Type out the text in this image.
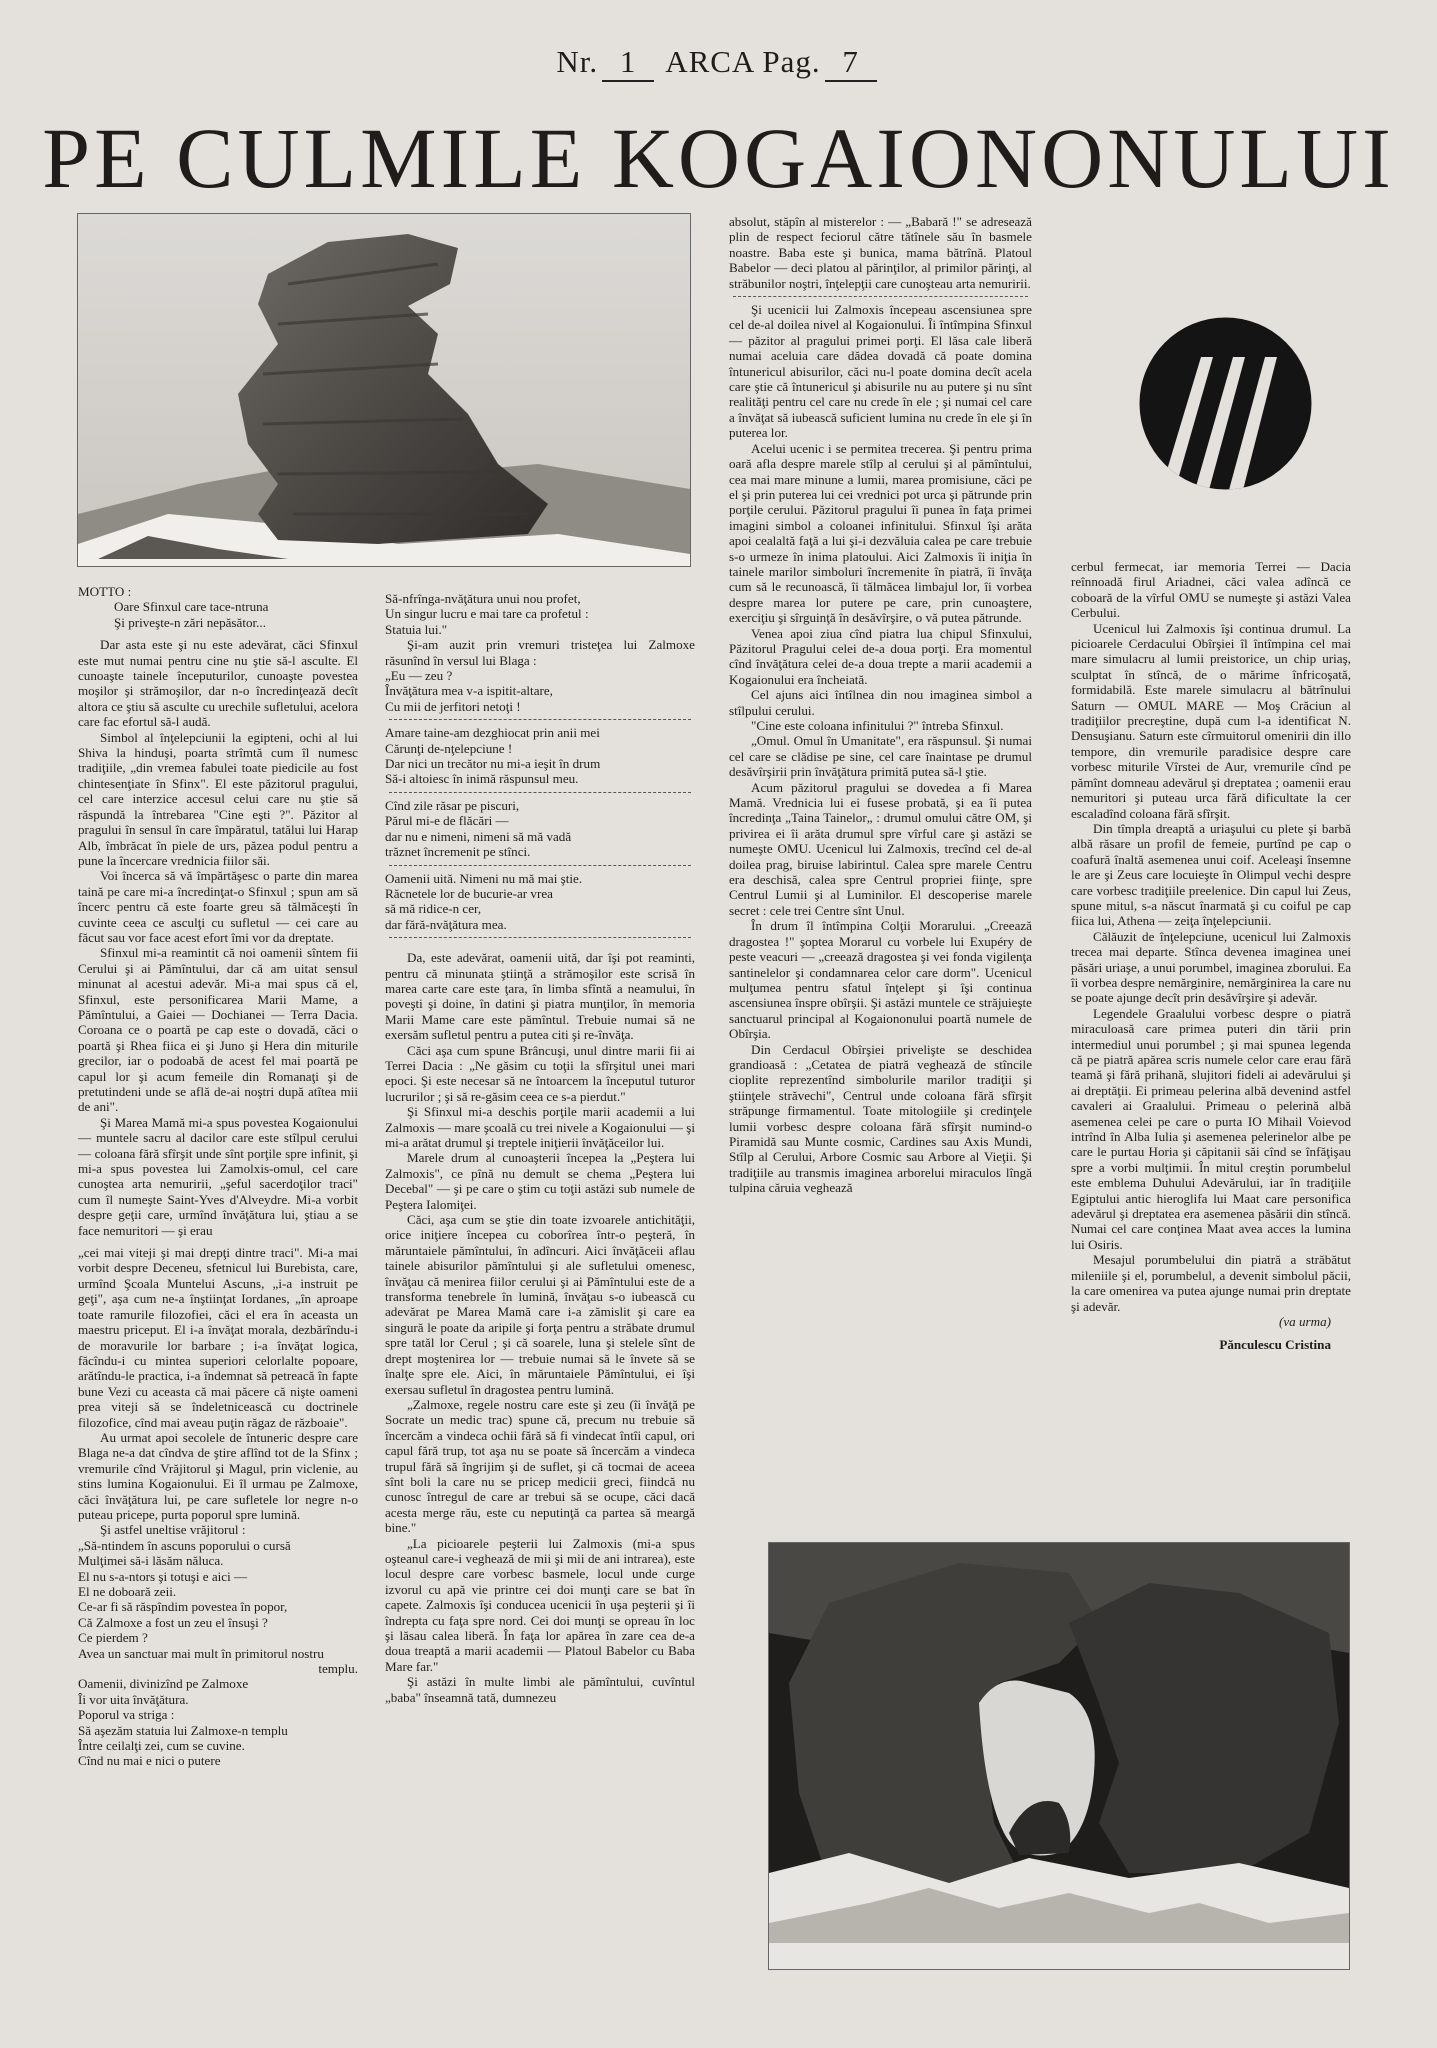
Nr. 1 ARCA Pag. 7
PE CULMILE KOGAIONONULUI

MOTTO :

Oare Sfinxul care tace-ntruna
Şi priveşte-n zări nepăsător...

Dar asta este şi nu este adevărat, căci Sfinxul este mut numai pentru cine nu ştie să-l asculte. El cunoaşte tainele începuturilor, cunoaşte povestea moşilor şi strămoşilor, dar n-o încredinţează decît altora ce ştiu să asculte cu urechile sufletului, acelora care fac efortul să-l audă.

Simbol al înţelepciunii la egipteni, ochi al lui Shiva la hinduşi, poarta strîmtă cum îl numesc tradiţiile, „din vremea fabulei toate piedicile au fost chintesenţiate în Sfinx". El este păzitorul pragului, cel care interzice accesul celui care nu ştie să răspundă la întrebarea "Cine eşti ?". Păzitor al pragului în sensul în care împăratul, tatălui lui Harap Alb, îmbrăcat în piele de urs, păzea podul pentru a pune la încercare vrednicia fiilor săi.

Voi încerca să vă împărtăşesc o parte din marea taină pe care mi-a încredinţat-o Sfinxul ; spun am să încerc pentru că este foarte greu să tălmăceşti în cuvinte ceea ce asculţi cu sufletul — cei care au făcut sau vor face acest efort îmi vor da dreptate.

Sfinxul mi-a reamintit că noi oamenii sîntem fii Cerului şi ai Pămîntului, dar că am uitat sensul minunat al acestui adevăr. Mi-a mai spus că el, Sfinxul, este personificarea Marii Mame, a Pămîntului, a Gaiei — Dochianei — Terra Dacia. Coroana ce o poartă pe cap este o dovadă, căci o poartă şi Rhea fiica ei şi Juno şi Hera din miturile grecilor, iar o podoabă de acest fel mai poartă pe capul lor şi acum femeile din Romanaţi şi de pretutindeni unde se află de-ai noştri după atîtea mii de ani".

Şi Marea Mamă mi-a spus povestea Kogaionului — muntele sacru al dacilor care este stîlpul cerului — coloana fără sfîrşit unde sînt porţile spre infinit, şi mi-a spus povestea lui Zamolxis-omul, cel care cunoştea arta nemuririi, „şeful sacerdoţilor traci" cum îl numeşte Saint-Yves d'Alveydre. Mi-a vorbit despre geţii care, urmînd învăţătura lui, ştiau a se face nemuritori — şi erau

„cei mai viteji şi mai drepţi dintre traci". Mi-a mai vorbit despre Deceneu, sfetnicul lui Burebista, care, urmînd Şcoala Muntelui Ascuns, „i-a instruit pe geţi", aşa cum ne-a înştiinţat Iordanes, „în aproape toate ramurile filozofiei, căci el era în aceasta un maestru priceput. El i-a învăţat morala, dezbărîndu-i de moravurile lor barbare ; i-a învăţat logica, făcîndu-i cu mintea superiori celorlalte popoare, arătîndu-le practica, i-a îndemnat să petreacă în fapte bune Vezi cu aceasta că mai păcere că nişte oameni prea viteji să se îndeletnicească cu doctrinele filozofice, cînd mai aveau puţin răgaz de războaie".

Au urmat apoi secolele de întuneric despre care Blaga ne-a dat cîndva de ştire aflînd tot de la Sfinx ; vremurile cînd Vrăjitorul şi Magul, prin viclenie, au stins lumina Kogaionului. Ei îl urmau pe Zalmoxe, căci învăţătura lui, pe care sufletele lor negre n-o puteau pricepe, purta poporul spre lumină.

Şi astfel uneltise vrăjitorul :

„Să-ntindem în ascuns poporului o cursă
Mulţimei să-i lăsăm năluca.
El nu s-a-ntors şi totuşi e aici —
El ne doboară zeii.
Ce-ar fi să răspîndim povestea în popor,
Că Zalmoxe a fost un zeu el însuşi ?
Ce pierdem ?
Avea un sanctuar mai mult în primitorul nostru

templu.

Oamenii, divinizînd pe Zalmoxe
Îi vor uita învăţătura.
Poporul va striga :
Să aşezăm statuia lui Zalmoxe-n templu
Între ceilalţi zei, cum se cuvine.
Cînd nu mai e nici o putere

Să-nfrînga-nvăţătura unui nou profet,
Un singur lucru e mai tare ca profetul :
Statuia lui."

Şi-am auzit prin vremuri tristeţea lui Zalmoxe răsunînd în versul lui Blaga :

„Eu — zeu ?
Învăţătura mea v-a ispitit-altare,
Cu mii de jerfitori netoţi !

Amare taine-am dezghiocat prin anii mei
Cărunţi de-nţelepciune !
Dar nici un trecător nu mi-a ieşit în drum
Să-i altoiesc în inimă răspunsul meu.

Cînd zile răsar pe piscuri,
Părul mi-e de flăcări —
dar nu e nimeni, nimeni să mă vadă
trăznet încremenit pe stînci.

Oamenii uită. Nimeni nu mă mai ştie.
Răcnetele lor de bucurie-ar vrea
să mă ridice-n cer,
dar fără-nvăţătura mea.

Da, este adevărat, oamenii uită, dar îşi pot reaminti, pentru că minunata ştiinţă a strămoşilor este scrisă în marea carte care este ţara, în limba sfîntă a neamului, în poveşti şi doine, în datini şi piatra munţilor, în memoria Marii Mame care este pămîntul. Trebuie numai să ne exersăm sufletul pentru a putea citi şi re-învăţa.

Căci aşa cum spune Brâncuşi, unul dintre marii fii ai Terrei Dacia : „Ne găsim cu toţii la sfîrşitul unei mari epoci. Şi este necesar să ne întoarcem la începutul tuturor lucrurilor ; şi să re-găsim ceea ce s-a pierdut."

Şi Sfinxul mi-a deschis porţile marii academii a lui Zalmoxis — mare şcoală cu trei nivele a Kogaionului — şi mi-a arătat drumul şi treptele iniţierii învăţăceilor lui.

Marele drum al cunoaşterii începea la „Peştera lui Zalmoxis", ce pînă nu demult se chema „Peştera lui Decebal" — şi pe care o ştim cu toţii astăzi sub numele de Peştera Ialomiţei.

Căci, aşa cum se ştie din toate izvoarele antichităţii, orice iniţiere începea cu coborîrea într-o peşteră, în măruntaiele pămîntului, în adîncuri. Aici învăţăceii aflau tainele abisurilor pămîntului şi ale sufletului omenesc, învăţau că menirea fiilor cerului şi ai Pămîntului este de a transforma tenebrele în lumină, învăţau s-o iubească cu adevărat pe Marea Mamă care i-a zămislit şi care ea singură le poate da aripile şi forţa pentru a străbate drumul spre tatăl lor Cerul ; şi că soarele, luna şi stelele sînt de drept moştenirea lor — trebuie numai să le învete să se înalţe spre ele. Aici, în măruntaiele Pămîntului, ei îşi exersau sufletul în dragostea pentru lumină.

„Zalmoxe, regele nostru care este şi zeu (îi învăţă pe Socrate un medic trac) spune că, precum nu trebuie să încercăm a vindeca ochii fără să fi vindecat întîi capul, ori capul fără trup, tot aşa nu se poate să încercăm a vindeca trupul fără să îngrijim şi de suflet, şi că tocmai de aceea sînt boli la care nu se pricep medicii greci, fiindcă nu cunosc întregul de care ar trebui să se ocupe, căci dacă acesta merge rău, este cu neputinţă ca partea să meargă bine."

„La picioarele peşterii lui Zalmoxis (mi-a spus oşteanul care-i veghează de mii şi mii de ani intrarea), este locul despre care vorbesc basmele, locul unde curge izvorul cu apă vie printre cei doi munţi care se bat în capete. Zalmoxis îşi conducea ucenicii în uşa peşterii şi îi îndrepta cu faţa spre nord. Cei doi munţi se opreau în loc şi lăsau calea liberă. În faţa lor apărea în zare cea de-a doua treaptă a marii academii — Platoul Babelor cu Baba Mare far."

Şi astăzi în multe limbi ale pămîntului, cuvîntul „baba" înseamnă tată, dumnezeu

absolut, stăpîn al misterelor : — „Babară !" se adresează plin de respect feciorul către tătînele său în basmele noastre. Baba este şi bunica, mama bătrînă. Platoul Babelor — deci platou al părinţilor, al primilor părinţi, al străbunilor noştri, înţelepţii care cunoşteau arta nemuririi.

Şi ucenicii lui Zalmoxis începeau ascensiunea spre cel de-al doilea nivel al Kogaionului. Îi întîmpina Sfinxul — păzitor al pragului primei porţi. El lăsa cale liberă numai aceluia care dădea dovadă că poate domina întunericul abisurilor, căci nu-l poate domina decît acela care ştie că întunericul şi abisurile nu au putere şi nu sînt realităţi pentru cel care nu crede în ele ; şi numai cel care a învăţat să iubească suficient lumina nu crede în ele şi în puterea lor.

Acelui ucenic i se permitea trecerea. Şi pentru prima oară afla despre marele stîlp al cerului şi al pămîntului, cea mai mare minune a lumii, marea promisiune, căci pe el şi prin puterea lui cei vrednici pot urca şi pătrunde prin porţile cerului. Păzitorul pragului îi punea în faţa primei imagini simbol a coloanei infinitului. Sfinxul îşi arăta apoi cealaltă faţă a lui şi-i dezvăluia calea pe care trebuie s-o urmeze în inima platoului. Aici Zalmoxis îi iniţia în tainele marilor simboluri încremenite în piatră, îi învăţa cum să le recunoască, îi tălmăcea limbajul lor, îi vorbea despre marea lor putere pe care, prin cunoaştere, exerciţiu şi sîrguinţă în desăvîrşire, o vă putea pătrunde.

Venea apoi ziua cînd piatra lua chipul Sfinxului, Păzitorul Pragului celei de-a doua porţi. Era momentul cînd învăţătura celei de-a doua trepte a marii academii a Kogaionului era încheiată.

Cel ajuns aici întîlnea din nou imaginea simbol a stîlpului cerului.

"Cine este coloana infinitului ?" întreba Sfinxul.

„Omul. Omul în Umanitate", era răspunsul. Şi numai cel care se clădise pe sine, cel care înaintase pe drumul desăvîrşirii prin învăţătura primită putea să-l ştie.

Acum păzitorul pragului se dovedea a fi Marea Mamă. Vrednicia lui ei fusese probată, şi ea îi putea încredinţa „Taina Tainelor„ : drumul omului către OM, şi privirea ei îi arăta drumul spre vîrful care şi astăzi se numeşte OMU. Ucenicul lui Zalmoxis, trecînd cel de-al doilea prag, biruise labirintul. Calea spre marele Centru era deschisă, calea spre Centrul propriei fiinţe, spre Centrul Lumii şi al Luminilor. El descoperise marele secret : cele trei Centre sînt Unul.

În drum îl întîmpina Colţii Morarului. „Creează dragostea !" şoptea Morarul cu vorbele lui Exupéry de peste veacuri — „creează dragostea şi vei fonda vigilenţa santinelelor şi condamnarea celor care dorm". Ucenicul mulţumea pentru sfatul înţelept şi îşi continua ascensiunea înspre obîrşii. Şi astăzi muntele ce străjuieşte sanctuarul principal al Kogaiononului poartă numele de Obîrşia.

Din Cerdacul Obîrşiei privelişte se deschidea grandioasă : „Cetatea de piatră veghează de stîncile cioplite reprezentînd simbolurile marilor tradiţii şi ştiinţele străvechi", Centrul unde coloana fără sfîrşit străpunge firmamentul. Toate mitologiile şi credinţele lumii vorbesc despre coloana fără sfîrşit numind-o Piramidă sau Munte cosmic, Cardines sau Axis Mundi, Stîlp al Cerului, Arbore Cosmic sau Arbore al Vieţii. Şi tradiţiile au transmis imaginea arborelui miraculos lîngă tulpina căruia veghează

cerbul fermecat, iar memoria Terrei — Dacia reînnoadă firul Ariadnei, căci valea adîncă ce coboară de la vîrful OMU se numeşte şi astăzi Valea Cerbului.

Ucenicul lui Zalmoxis îşi continua drumul. La picioarele Cerdacului Obîrşiei îl întîmpina cel mai mare simulacru al lumii preistorice, un chip uriaş, sculptat în stîncă, de o mărime înfricoşată, formidabilă. Este marele simulacru al bătrînului Saturn — OMUL MARE — Moş Crăciun al tradiţiilor precreştine, după cum l-a identificat N. Densuşianu. Saturn este cîrmuitorul omenirii din illo tempore, din vremurile paradisice despre care vorbesc miturile Vîrstei de Aur, vremurile cînd pe pămînt domneau adevărul şi dreptatea ; oamenii erau nemuritori şi puteau urca fără dificultate la cer escaladînd coloana fără sfîrşit.

Din tîmpla dreaptă a uriaşului cu plete şi barbă albă răsare un profil de femeie, purtînd pe cap o coafură înaltă asemenea unui coif. Aceleaşi însemne le are şi Zeus care locuieşte în Olimpul vechi despre care vorbesc tradiţiile preelenice. Din capul lui Zeus, spune mitul, s-a născut înarmată şi cu coiful pe cap fiica lui, Athena — zeiţa înţelepciunii.

Călăuzit de înţelepciune, ucenicul lui Zalmoxis trecea mai departe. Stînca devenea imaginea unei păsări uriaşe, a unui porumbel, imaginea zborului. Ea îi vorbea despre nemărginire, nemărginirea la care nu se poate ajunge decît prin desăvîrşire şi adevăr.

Legendele Graalului vorbesc despre o piatră miraculoasă care primea puteri din tării prin intermediul unui porumbel ; şi mai spunea legenda că pe piatră apărea scris numele celor care erau fără teamă şi fără prihană, slujitori fideli ai adevărului şi ai dreptăţii. Ei primeau pelerina albă devenind astfel cavaleri ai Graalului. Primeau o pelerină albă asemenea celei pe care o purta IO Mihail Voievod intrînd în Alba Iulia şi asemenea pelerinelor albe pe care le purtau Horia şi căpitanii săi cînd se înfăţişau spre a vorbi mulţimii. În mitul creştin porumbelul este emblema Duhului Adevărului, iar în tradiţiile Egiptului antic hieroglifa lui Maat care personifica adevărul şi dreptatea era asemenea păsării din stîncă. Numai cel care conţinea Maat avea acces la lumina lui Osiris.

Mesajul porumbelului din piatră a străbătut mileniile şi el, porumbelul, a devenit simbolul păcii, la care omenirea va putea ajunge numai prin dreptate şi adevăr.

(va urma)

Pănculescu Cristina
